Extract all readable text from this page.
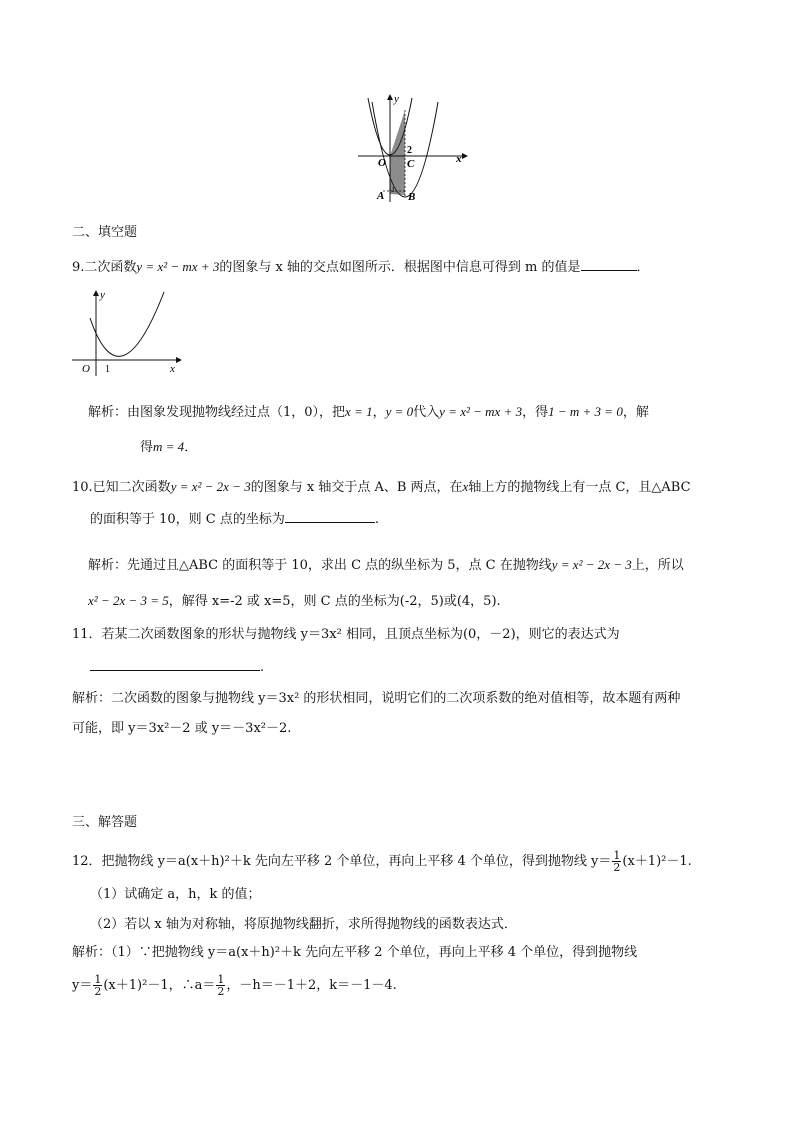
y
x
O
2
C
A B
-1
二、填空题
9.二次函数y = x² − mx + 3的图象与 x 轴的交点如图所示．根据图中信息可得到 m 的值是	．
y
x
O 1
解析：由图象发现抛物线经过点（1，0），把x = 1，y = 0代入y = x² − mx + 3，得1 − m + 3 = 0，解
得m = 4．
10.已知二次函数y = x² − 2x − 3的图象与 x 轴交于点 A、B 两点，在x轴上方的抛物线上有一点 C，且△ABC
的面积等于 10，则 C 点的坐标为	.
解析：先通过且△ABC 的面积等于 10，求出 C 点的纵坐标为 5，点 C 在抛物线y = x² − 2x − 3上，所以
x² − 2x − 3 = 5，解得 x=-2 或 x=5，则 C 点的坐标为(-2，5)或(4，5).
11．若某二次函数图象的形状与抛物线 y＝3x² 相同，且顶点坐标为(0，－2)，则它的表达式为
.
解析：二次函数的图象与抛物线 y＝3x² 的形状相同，说明它们的二次项系数的绝对值相等，故本题有两种
可能，即 y＝3x²－2 或 y＝－3x²－2.
三、解答题
12．把抛物线 y＝a(x＋h)²＋k 先向左平移 2 个单位，再向上平移 4 个单位，得到抛物线 $y= \frac{1}{2} (x+1)^2-1$.
（1）试确定 a，h，k 的值；
（2）若以 x 轴为对称轴，将原抛物线翻折，求所得抛物线的函数表达式．
解析：（1）∵把抛物线 y＝a(x＋h)²＋k 先向左平移 2 个单位，再向上平移 4 个单位，得到抛物线
$y= \frac{1}{2} (x+1)^2-1$，∴a＝ $\frac{1}{2}$ ，－h＝－1＋2，k＝－1－4.
